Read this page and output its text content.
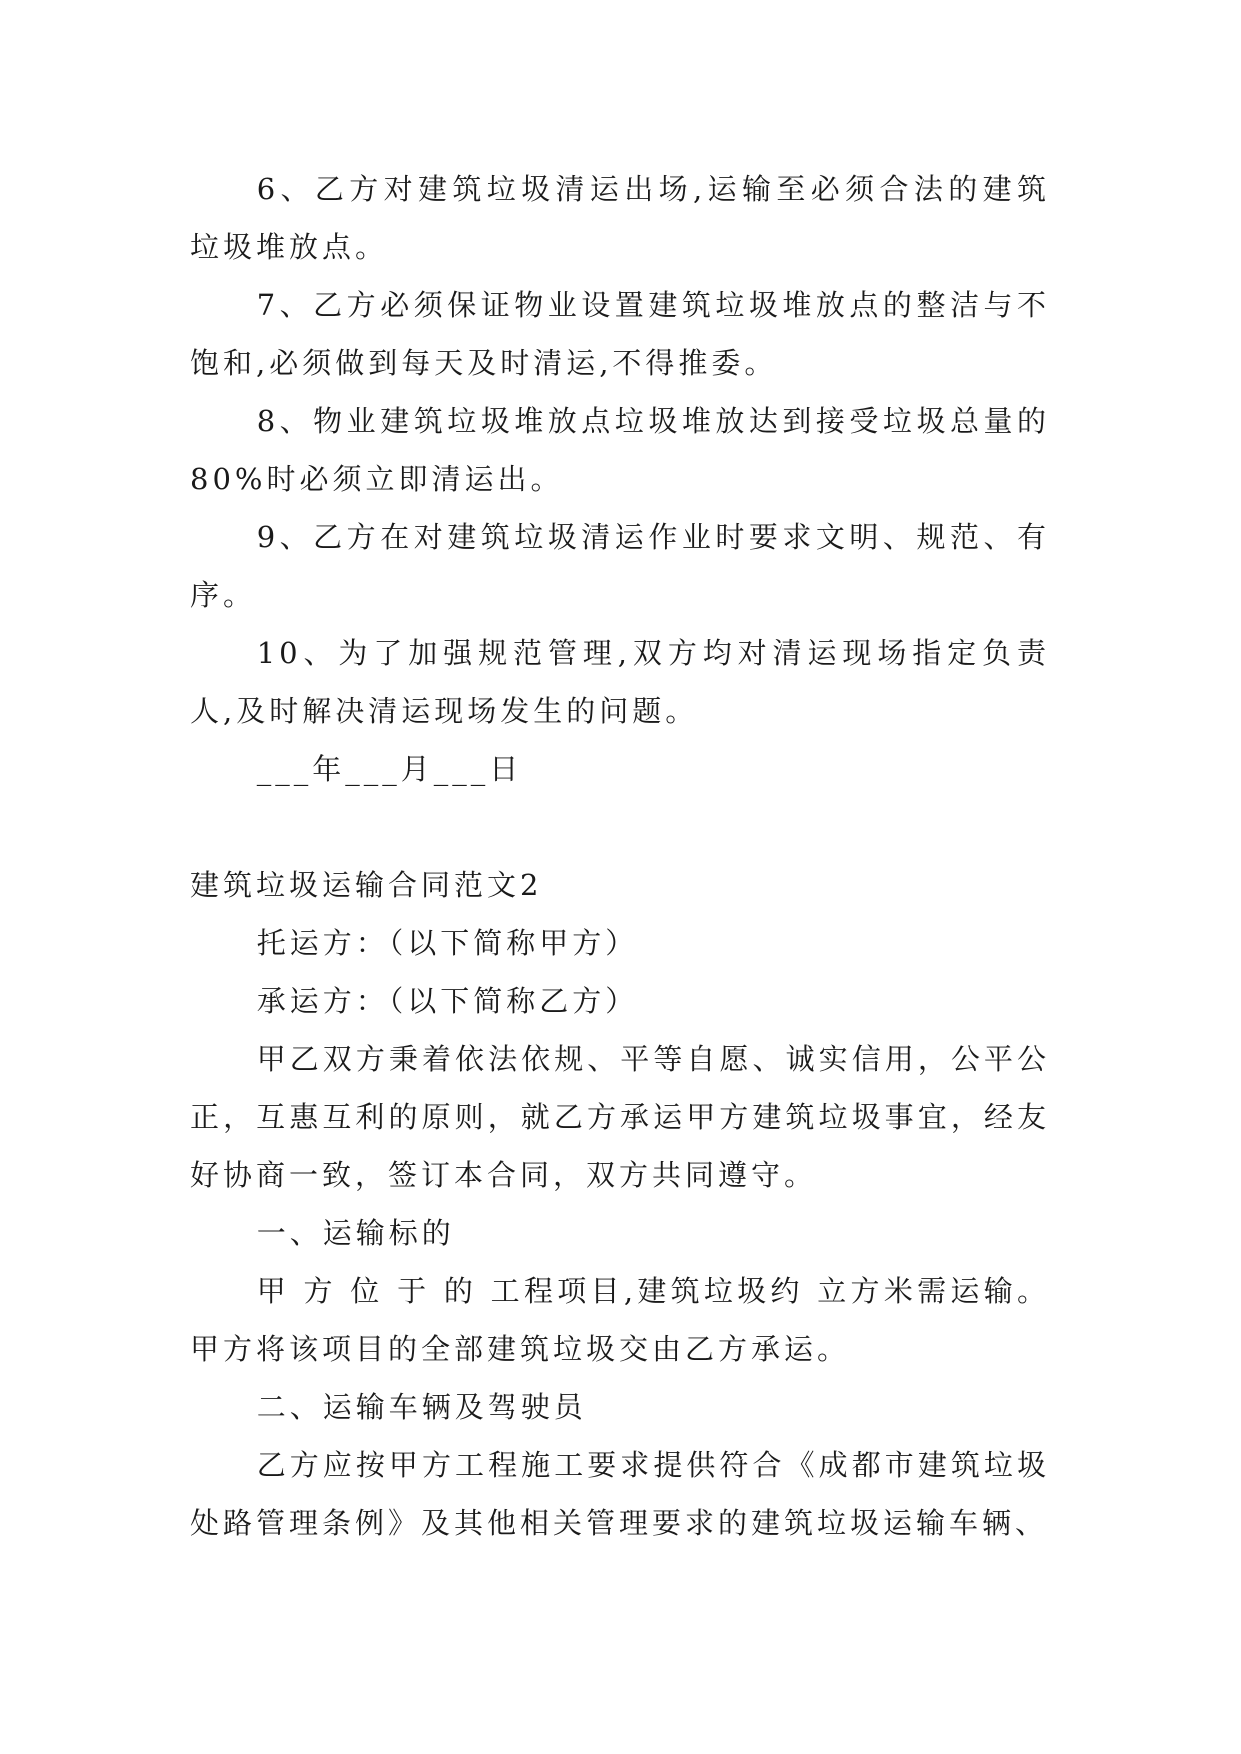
6、乙方对建筑垃圾清运出场,运输至必须合法的建筑垃圾堆放点。

7、乙方必须保证物业设置建筑垃圾堆放点的整洁与不饱和,必须做到每天及时清运,不得推委。

8、物业建筑垃圾堆放点垃圾堆放达到接受垃圾总量的80%时必须立即清运出。

9、乙方在对建筑垃圾清运作业时要求文明、规范、有序。

10、为了加强规范管理,双方均对清运现场指定负责人,及时解决清运现场发生的问题。

___年___月___日

建筑垃圾运输合同范文2

托运方：（以下简称甲方）

承运方：（以下简称乙方）

甲乙双方秉着依法依规、平等自愿、诚实信用，公平公正，互惠互利的原则，就乙方承运甲方建筑垃圾事宜，经友好协商一致，签订本合同，双方共同遵守。

一、运输标的

甲 方 位 于 的 工程项目,建筑垃圾约 立方米需运输。甲方将该项目的全部建筑垃圾交由乙方承运。

二、运输车辆及驾驶员

乙方应按甲方工程施工要求提供符合《成都市建筑垃圾处路管理条例》及其他相关管理要求的建筑垃圾运输车辆、
